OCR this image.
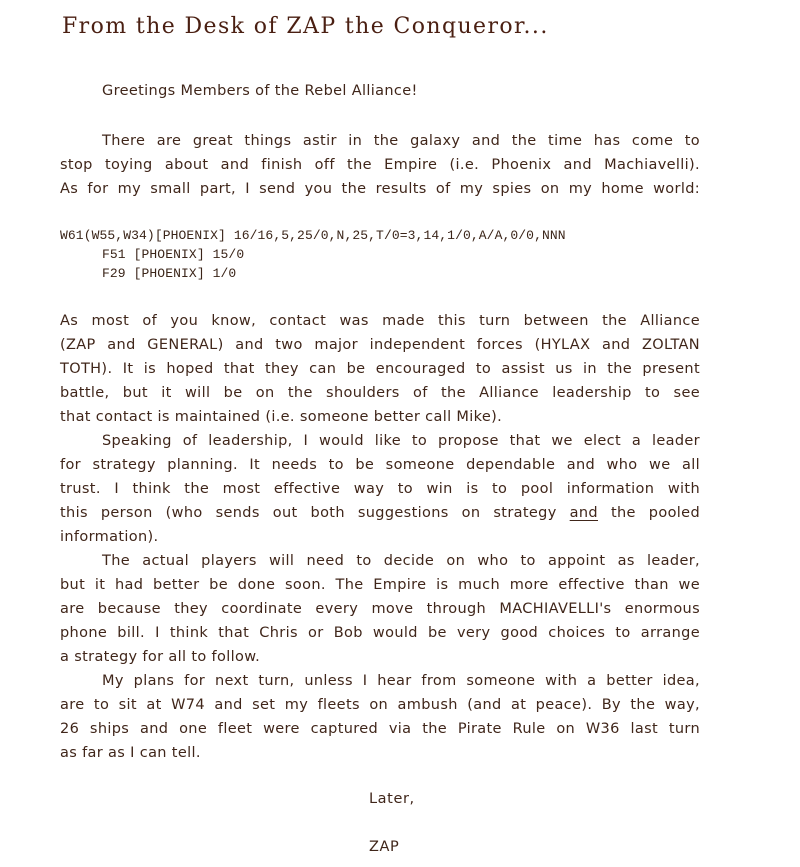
From the Desk of ZAP the Conqueror...
Greetings Members of the Rebel Alliance!
There are great things astir in the galaxy and the time has come to
stop toying about and finish off the Empire (i.e. Phoenix and Machiavelli).
As for my small part, I send you the results of my spies on my home world:
W61(W55,W34)[PHOENIX] 16/16,5,25/0,N,25,T/0=3,14,1/0,A/A,0/0,NNN
F51 [PHOENIX] 15/0
F29 [PHOENIX] 1/0
As most of you know, contact was made this turn between the Alliance
(ZAP and GENERAL) and two major independent forces (HYLAX and ZOLTAN
TOTH). It is hoped that they can be encouraged to assist us in the present
battle, but it will be on the shoulders of the Alliance leadership to see
that contact is maintained (i.e. someone better call Mike).
Speaking of leadership, I would like to propose that we elect a leader
for strategy planning. It needs to be someone dependable and who we all
trust. I think the most effective way to win is to pool information with
this person (who sends out both suggestions on strategy and the pooled
information).
The actual players will need to decide on who to appoint as leader,
but it had better be done soon. The Empire is much more effective than we
are because they coordinate every move through MACHIAVELLI's enormous
phone bill. I think that Chris or Bob would be very good choices to arrange
a strategy for all to follow.
My plans for next turn, unless I hear from someone with a better idea,
are to sit at W74 and set my fleets on ambush (and at peace). By the way,
26 ships and one fleet were captured via the Pirate Rule on W36 last turn
as far as I can tell.
Later,
ZAP
